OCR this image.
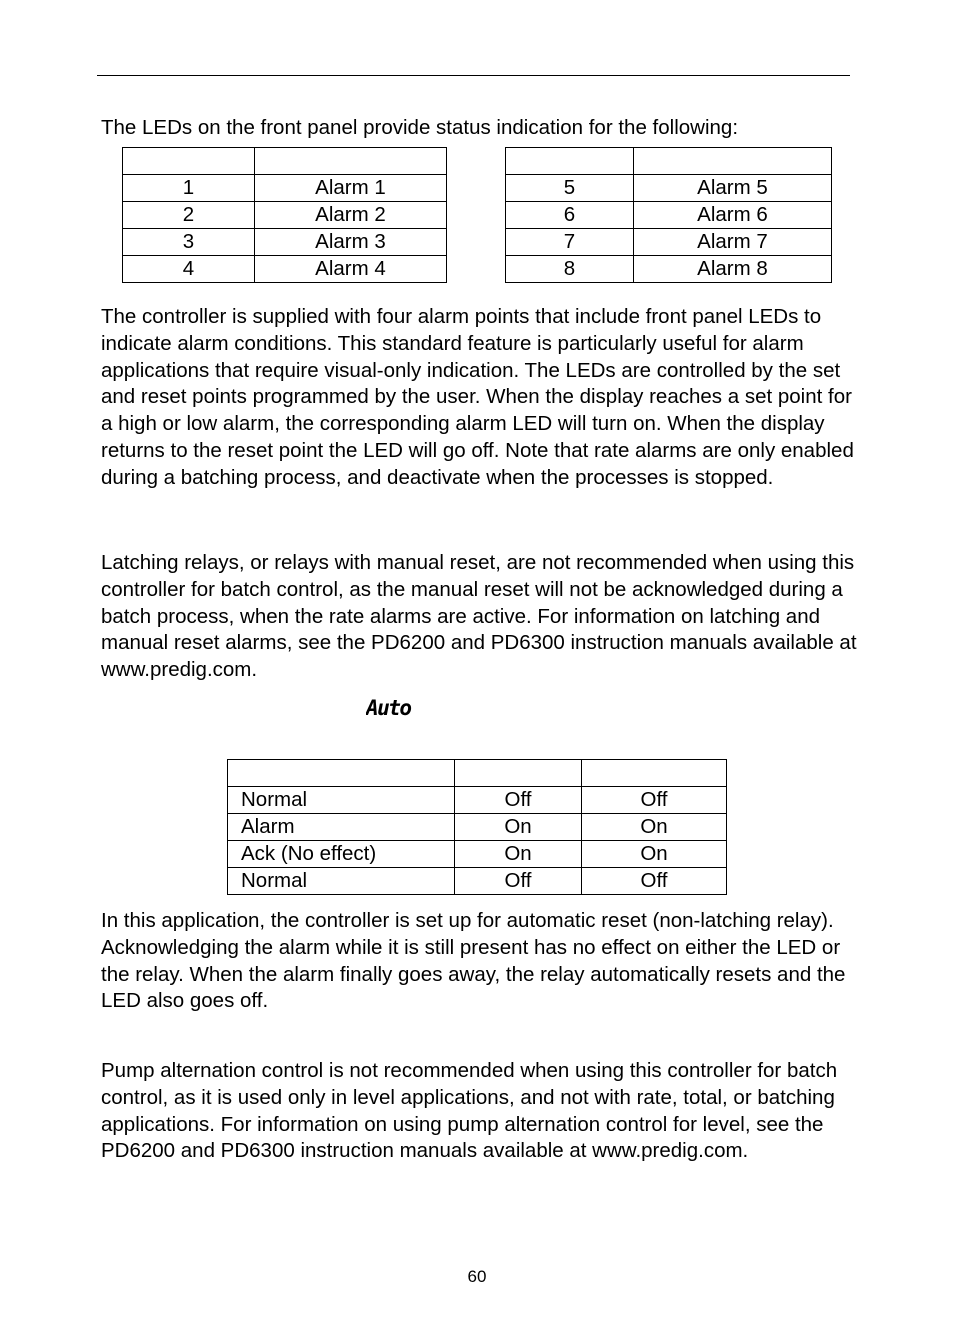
The LEDs on the front panel provide status indication for the following:

1	Alarm 1
2	Alarm 2
3	Alarm 3
4	Alarm 4

5	Alarm 5
6	Alarm 6
7	Alarm 7
8	Alarm 8

The controller is supplied with four alarm points that include front panel LEDs to indicate alarm conditions. This standard feature is particularly useful for alarm applications that require visual-only indication. The LEDs are controlled by the set and reset points programmed by the user. When the display reaches a set point for a high or low alarm, the corresponding alarm LED will turn on. When the display returns to the reset point the LED will go off. Note that rate alarms are only enabled during a batching process, and deactivate when the processes is stopped.

Latching relays, or relays with manual reset, are not recommended when using this controller for batch control, as the manual reset will not be acknowledged during a batch process, when the rate alarms are active. For information on latching and manual reset alarms, see the PD6200 and PD6300 instruction manuals available at www.predig.com.

Auto

Normal	Off	Off
Alarm	On	On
Ack (No effect)	On	On
Normal	Off	Off

In this application, the controller is set up for automatic reset (non-latching relay). Acknowledging the alarm while it is still present has no effect on either the LED or the relay. When the alarm finally goes away, the relay automatically resets and the LED also goes off.

Pump alternation control is not recommended when using this controller for batch control, as it is used only in level applications, and not with rate, total, or batching applications. For information on using pump alternation control for level, see the PD6200 and PD6300 instruction manuals available at www.predig.com.

60
